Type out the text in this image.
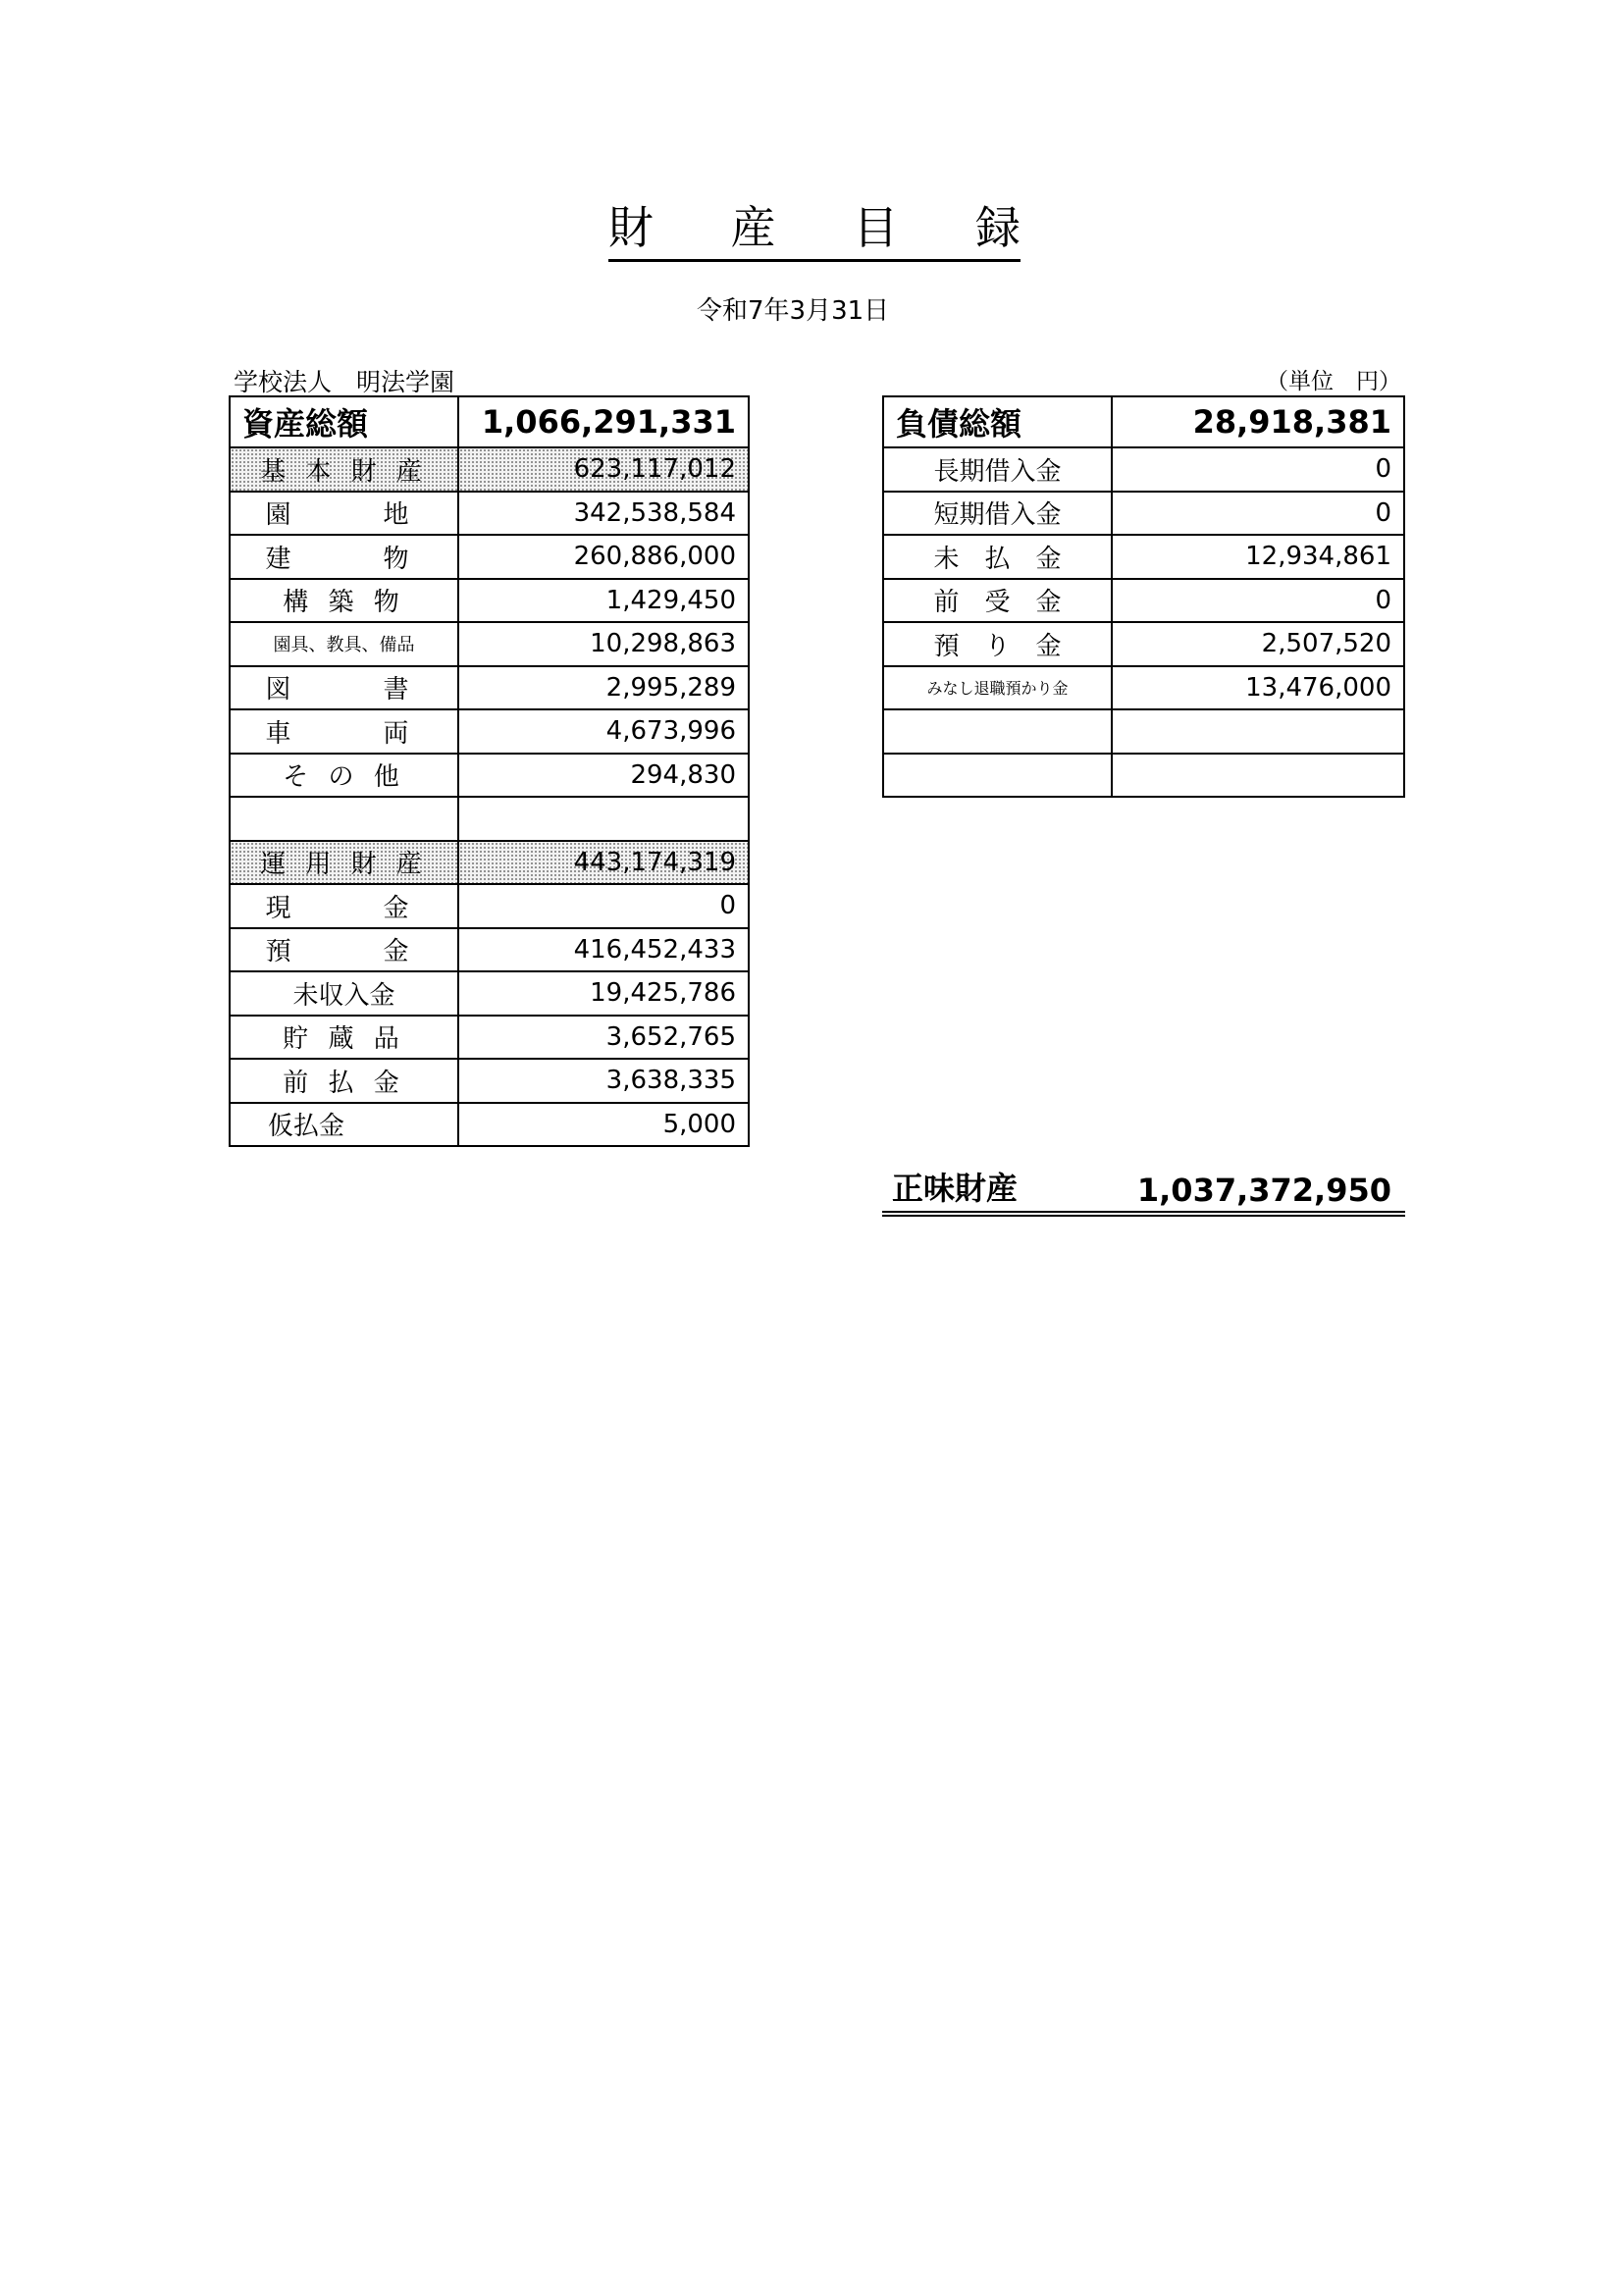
財 産 目 録
令和7年3月31日
学校法人　明法学園	（単位　円）
資産総額	1,066,291,331
基 本 財 産	623,117,012
園　　地	342,538,584
建　　物	260,886,000
構 築 物	1,429,450
園具、教具、備品	10,298,863
図　　書	2,995,289
車　　両	4,673,996
そ の 他	294,830

運 用 財 産	443,174,319
現　　金	0
預　　金	416,452,433
未収入金	19,425,786
貯 蔵 品	3,652,765
前 払 金	3,638,335
仮払金	5,000
負債総額	28,918,381
長期借入金	0
短期借入金	0
未　払　金	12,934,861
前　受　金	0
預　り　金	2,507,520
みなし退職預かり金	13,476,000

正味財産	1,037,372,950
